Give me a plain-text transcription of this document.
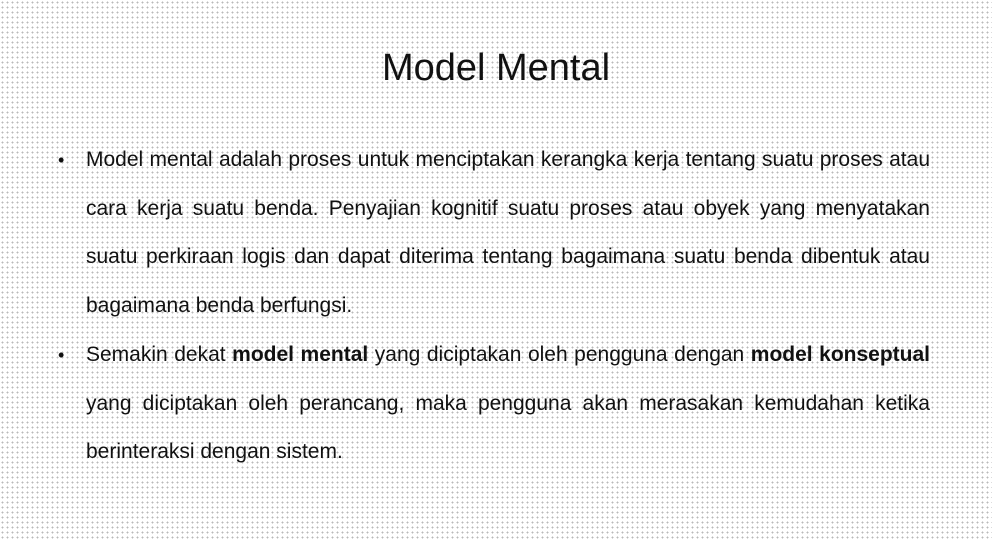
Model Mental
• Model mental adalah proses untuk menciptakan kerangka kerja tentang suatu proses atau cara kerja suatu benda. Penyajian kognitif suatu proses atau obyek yang menyatakan suatu perkiraan logis dan dapat diterima tentang bagaimana suatu benda dibentuk atau bagaimana benda berfungsi.
• Semakin dekat model mental yang diciptakan oleh pengguna dengan model konseptual yang diciptakan oleh perancang, maka pengguna akan merasakan kemudahan ketika berinteraksi dengan sistem.
